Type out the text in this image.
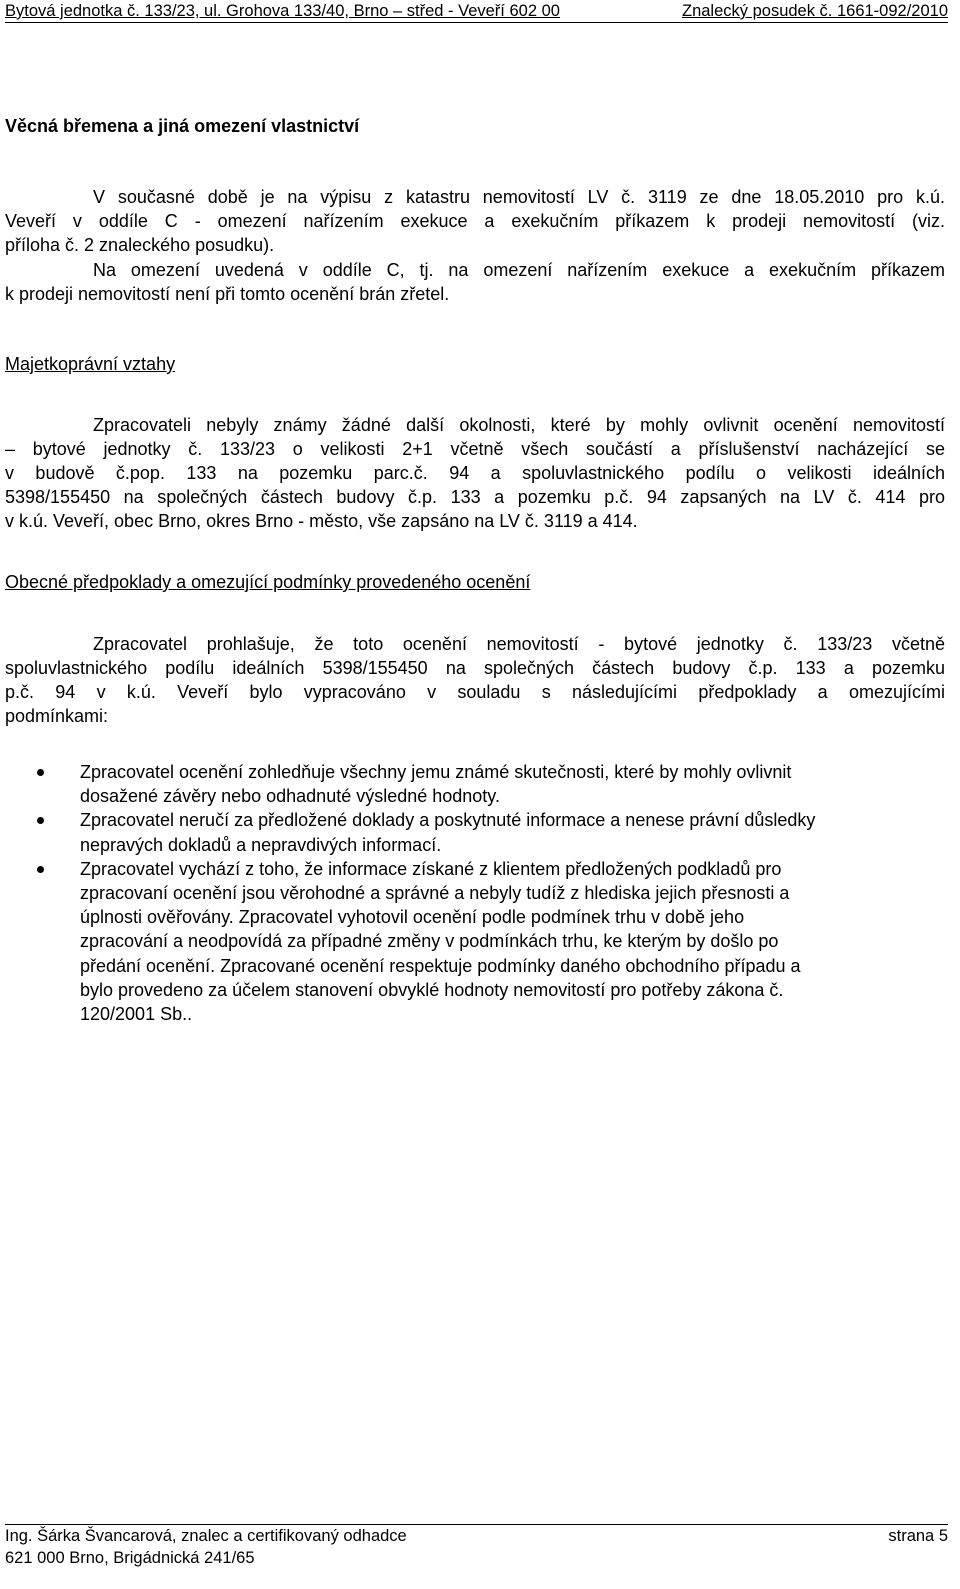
Bytová jednotka č. 133/23, ul. Grohova 133/40, Brno – střed - Veveří 602 00	Znalecký posudek č. 1661-092/2010
Věcná břemena a jiná omezení vlastnictví
V současné době je na výpisu z katastru nemovitostí LV č. 3119 ze dne 18.05.2010 pro k.ú.
Veveří v oddíle C - omezení nařízením exekuce a exekučním příkazem k prodeji nemovitostí (viz.
příloha č. 2 znaleckého posudku).
Na omezení uvedená v oddíle C, tj. na omezení nařízením exekuce a exekučním příkazem
k prodeji nemovitostí není při tomto ocenění brán zřetel.
Majetkoprávní vztahy
Zpracovateli nebyly známy žádné další okolnosti, které by mohly ovlivnit ocenění nemovitostí
– bytové jednotky č. 133/23 o velikosti 2+1 včetně všech součástí a příslušenství nacházející se
v budově č.pop. 133 na pozemku parc.č. 94 a spoluvlastnického podílu o velikosti ideálních
5398/155450 na společných částech budovy č.p. 133 a pozemku p.č. 94 zapsaných na LV č. 414 pro
v k.ú. Veveří, obec Brno, okres Brno - město, vše zapsáno na LV č. 3119 a 414.
Obecné předpoklady a omezující podmínky provedeného ocenění
Zpracovatel prohlašuje, že toto ocenění nemovitostí - bytové jednotky č. 133/23 včetně
spoluvlastnického podílu ideálních 5398/155450 na společných částech budovy č.p. 133 a pozemku
p.č. 94 v k.ú. Veveří bylo vypracováno v souladu s následujícími předpoklady a omezujícími
podmínkami:
Zpracovatel ocenění zohledňuje všechny jemu známé skutečnosti, které by mohly ovlivnit
dosažené závěry nebo odhadnuté výsledné hodnoty.
Zpracovatel neručí za předložené doklady a poskytnuté informace a nenese právní důsledky
nepravých dokladů a nepravdivých informací.
Zpracovatel vychází z toho, že informace získané z klientem předložených podkladů pro
zpracovaní ocenění jsou věrohodné a správné a nebyly tudíž z hlediska jejich přesnosti a
úplnosti ověřovány. Zpracovatel vyhotovil ocenění podle podmínek trhu v době jeho
zpracování a neodpovídá za případné změny v podmínkách trhu, ke kterým by došlo po
předání ocenění. Zpracované ocenění respektuje podmínky daného obchodního případu a
bylo provedeno za účelem stanovení obvyklé hodnoty nemovitostí pro potřeby zákona č.
120/2001 Sb..
Ing. Šárka Švancarová, znalec a certifikovaný odhadce	strana 5
621 000 Brno, Brigádnická 241/65
